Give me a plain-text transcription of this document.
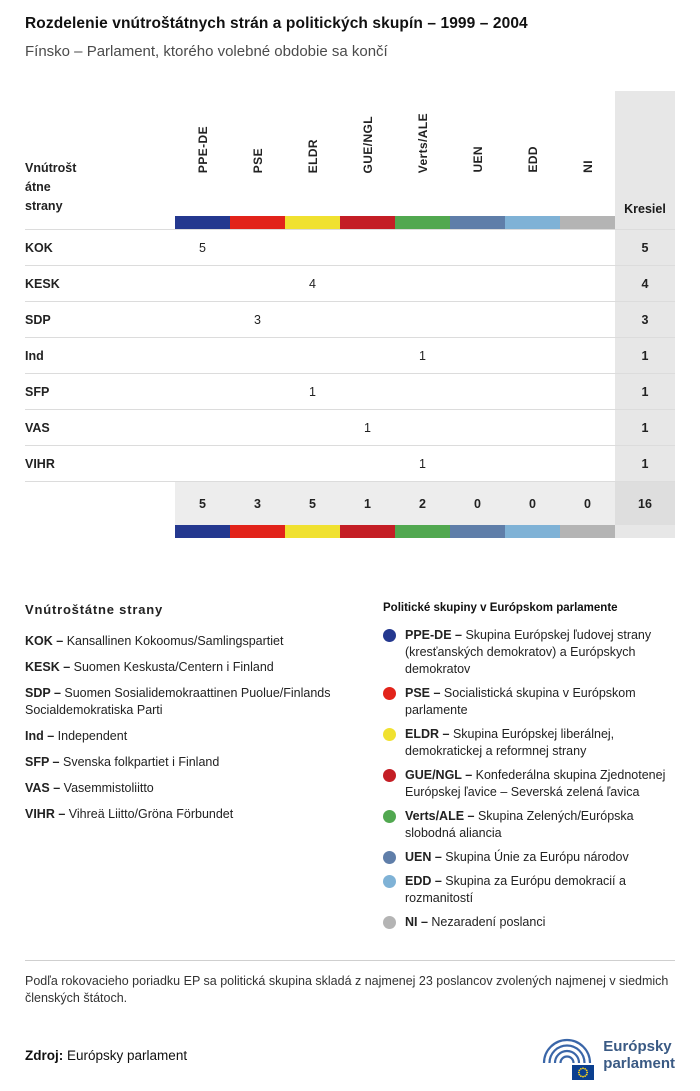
Rozdelenie vnútroštátnych strán a politických skupín – 1999 – 2004
Fínsko – Parlament, ktorého volebné obdobie sa končí
Vnútrošt
átne
strany	PPE-DE	PSE	ELDR	GUE/NGL	Verts/ALE	UEN	EDD	NI	Kresiel

KOK	5								5
KESK			4						4
SDP		3							3
Ind					1				1
SFP			1						1
VAS				1					1
VIHR					1				1
	5	3	5	1	2	0	0	0	16

Vnútroštátne strany
KOK – Kansallinen Kokoomus/Samlingspartiet
KESK – Suomen Keskusta/Centern i Finland
SDP – Suomen Sosialidemokraattinen Puolue/Finlands Socialdemokratiska Parti
Ind – Independent
SFP – Svenska folkpartiet i Finland
VAS – Vasemmistoliitto
VIHR – Vihreä Liitto/Gröna Förbundet
Politické skupiny v Európskom parlamente
PPE-DE – Skupina Európskej ľudovej strany (kresťanských demokratov) a Európskych demokratov
PSE – Socialistická skupina v Európskom parlamente
ELDR – Skupina Európskej liberálnej, demokratickej a reformnej strany
GUE/NGL – Konfederálna skupina Zjednotenej Európskej ľavice – Severská zelená ľavica
Verts/ALE – Skupina Zelených/Európska slobodná aliancia
UEN – Skupina Únie za Európu národov
EDD – Skupina za Európu demokracií a rozmanitostí
NI – Nezaradení poslanci

Podľa rokovacieho poriadku EP sa politická skupina skladá z najmenej 23 poslancov zvolených najmenej v siedmich členských štátoch.

Zdroj: Európsky parlament	Európsky
parlament
